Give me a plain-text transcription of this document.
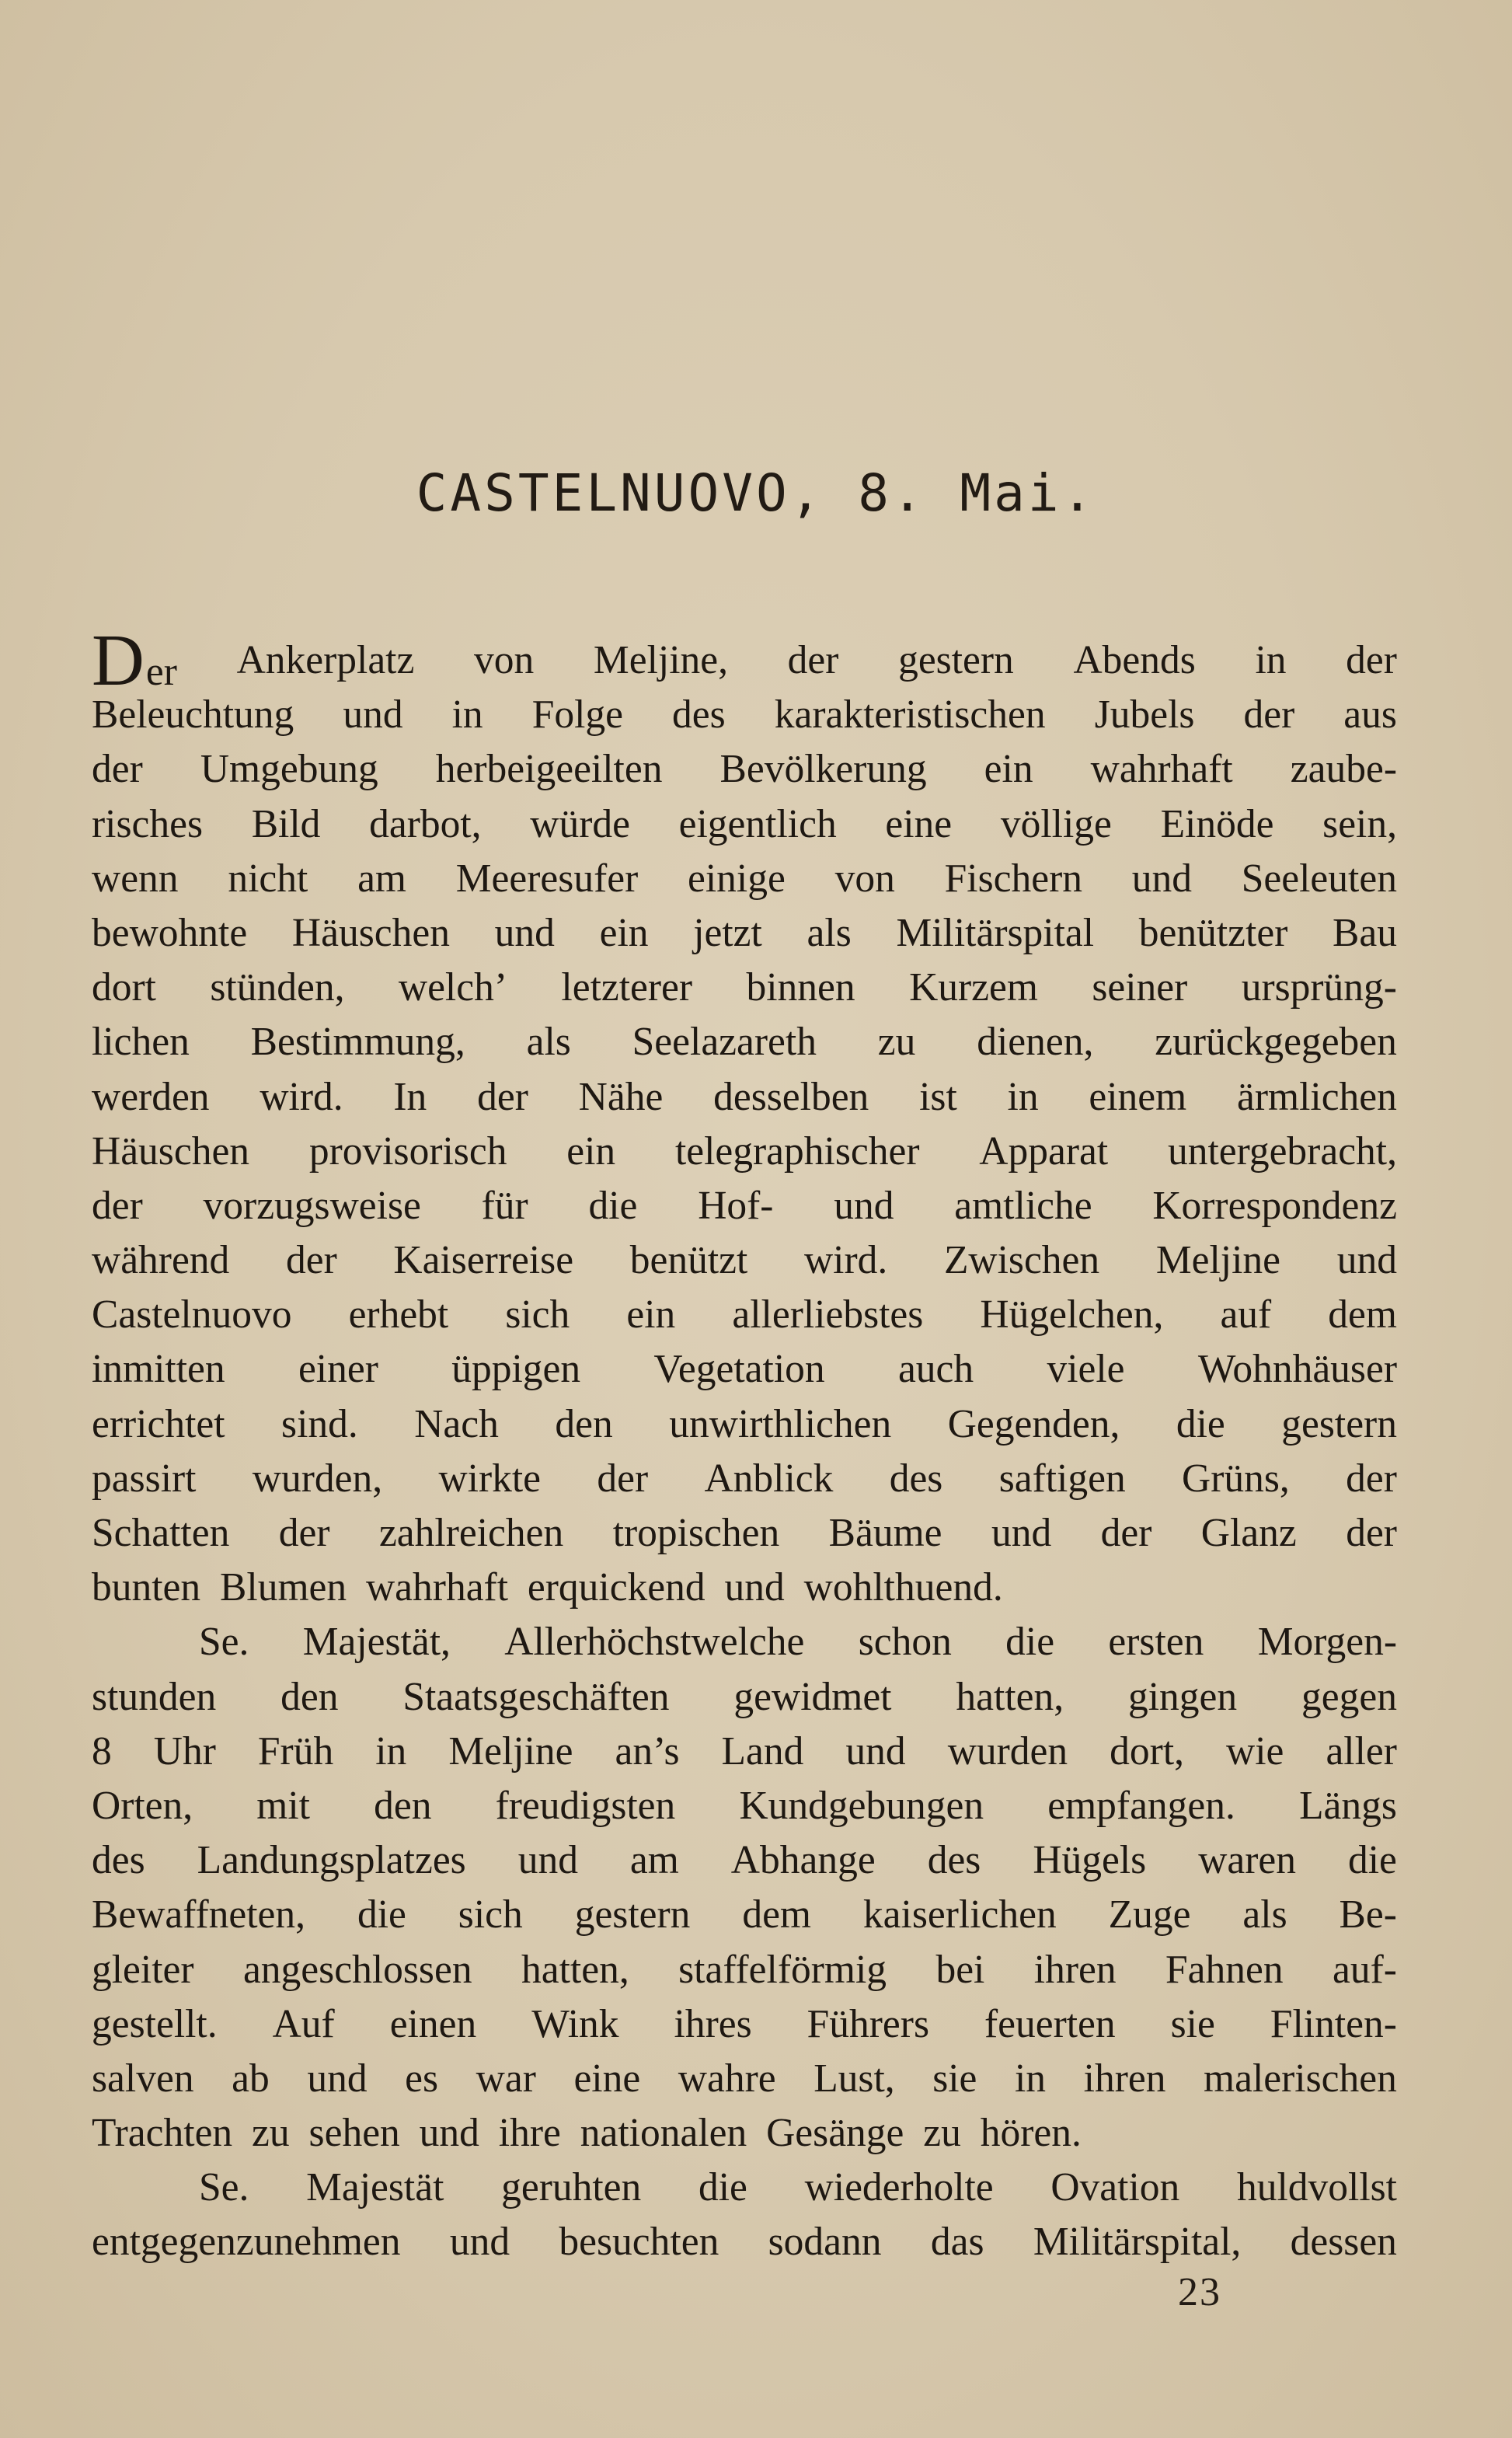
CASTELNUOVO, 8. Mai.
Der Ankerplatz von Meljine, der gestern Abends in der
Beleuchtung und in Folge des karakteristischen Jubels der aus
der Umgebung herbeigeeilten Bevölkerung ein wahrhaft zaube-
risches Bild darbot, würde eigentlich eine völlige Einöde sein,
wenn nicht am Meeresufer einige von Fischern und Seeleuten
bewohnte Häuschen und ein jetzt als Militärspital benützter Bau
dort stünden, welch’ letzterer binnen Kurzem seiner ursprüng-
lichen Bestimmung, als Seelazareth zu dienen, zurückgegeben
werden wird. In der Nähe desselben ist in einem ärmlichen
Häuschen provisorisch ein telegraphischer Apparat untergebracht,
der vorzugsweise für die Hof- und amtliche Korrespondenz
während der Kaiserreise benützt wird. Zwischen Meljine und
Castelnuovo erhebt sich ein allerliebstes Hügelchen, auf dem
inmitten einer üppigen Vegetation auch viele Wohnhäuser
errichtet sind. Nach den unwirthlichen Gegenden, die gestern
passirt wurden, wirkte der Anblick des saftigen Grüns, der
Schatten der zahlreichen tropischen Bäume und der Glanz der
bunten Blumen wahrhaft erquickend und wohlthuend.
Se. Majestät, Allerhöchstwelche schon die ersten Morgen-
stunden den Staatsgeschäften gewidmet hatten, gingen gegen
8 Uhr Früh in Meljine an’s Land und wurden dort, wie aller
Orten, mit den freudigsten Kundgebungen empfangen. Längs
des Landungsplatzes und am Abhange des Hügels waren die
Bewaffneten, die sich gestern dem kaiserlichen Zuge als Be-
gleiter angeschlossen hatten, staffelförmig bei ihren Fahnen auf-
gestellt. Auf einen Wink ihres Führers feuerten sie Flinten-
salven ab und es war eine wahre Lust, sie in ihren malerischen
Trachten zu sehen und ihre nationalen Gesänge zu hören.
Se. Majestät geruhten die wiederholte Ovation huldvollst
entgegenzunehmen und besuchten sodann das Militärspital, dessen
23
